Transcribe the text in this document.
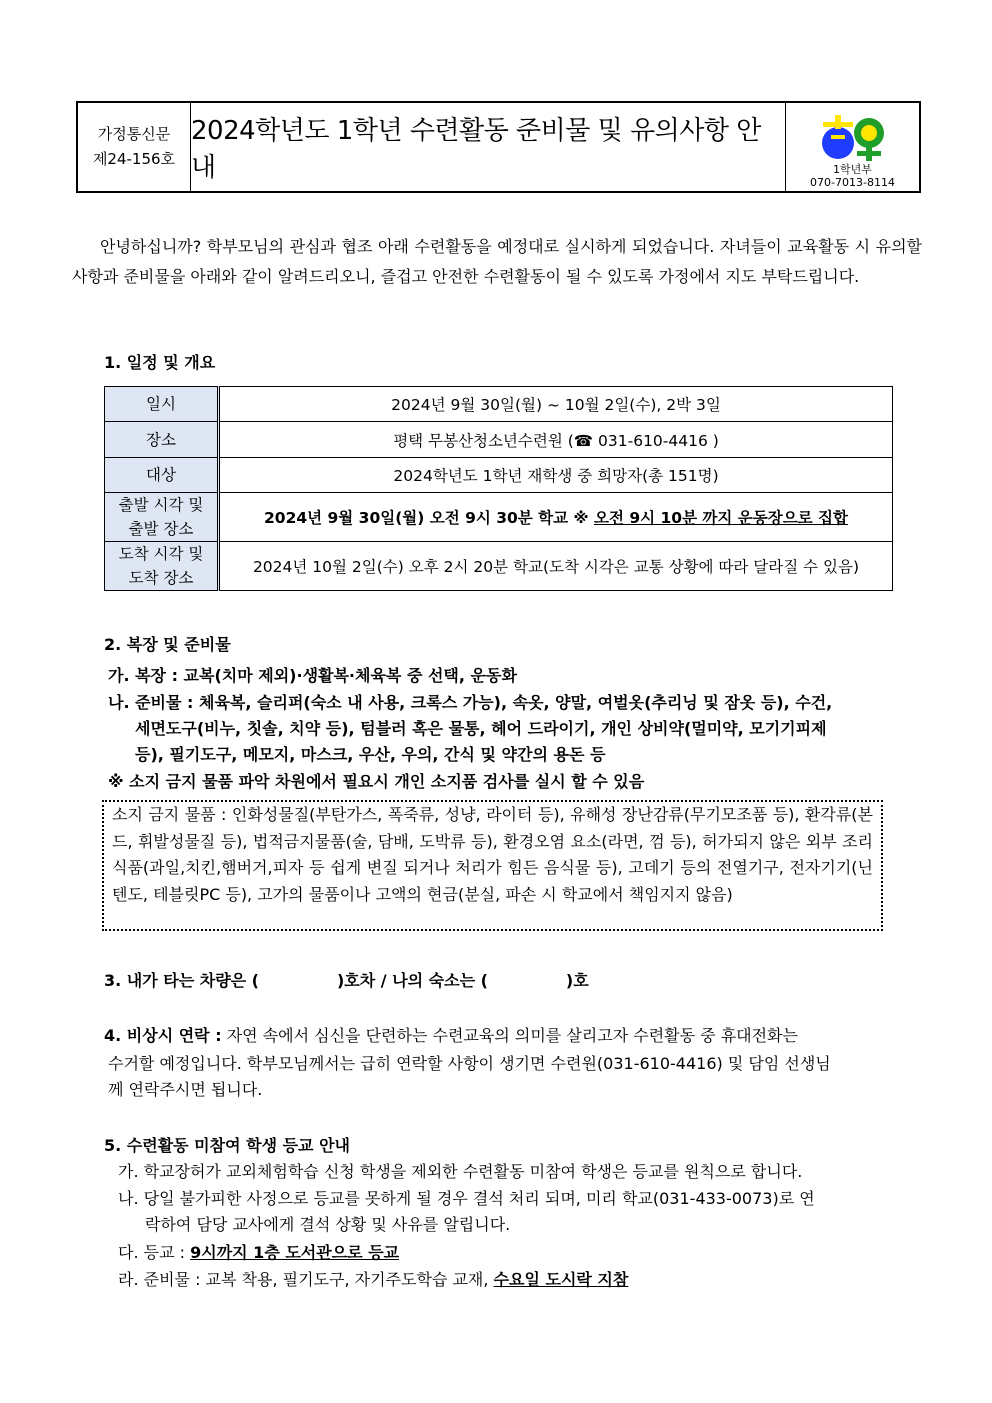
가정통신문
제24-156호
2024학년도 1학년 수련활동 준비물 및 유의사항 안내	1학년부
070-7013-8114
안녕하십니까? 학부모님의 관심과 협조 아래 수련활동을 예정대로 실시하게 되었습니다. 자녀들이 교육활동 시 유의할 사항과 준비물을 아래와 같이 알려드리오니, 즐겁고 안전한 수련활동이 될 수 있도록 가정에서 지도 부탁드립니다.
1. 일정 및 개요
일시	2024년 9월 30일(월) ~ 10월 2일(수), 2박 3일
장소	평택 무봉산청소년수련원 (☎ 031-610-4416 )
대상	2024학년도 1학년 재학생 중 희망자(총 151명)

출발 시각 및
출발 장소	2024년 9월 30일(월) 오전 9시 30분 학교 ※ 오전 9시 10분 까지 운동장으로 집합

도착 시각 및
도착 장소	2024년 10월 2일(수) 오후 2시 20분 학교(도착 시각은 교통 상황에 따라 달라질 수 있음)
2. 복장 및 준비물
가. 복장 : 교복(치마 제외)·생활복·체육복 중 선택, 운동화
나. 준비물 : 체육복, 슬리퍼(숙소 내 사용, 크록스 가능), 속옷, 양말, 여벌옷(추리닝 및 잠옷 등), 수건,
세면도구(비누, 칫솔, 치약 등), 텀블러 혹은 물통, 헤어 드라이기, 개인 상비약(멀미약, 모기기피제
등), 필기도구, 메모지, 마스크, 우산, 우의, 간식 및 약간의 용돈 등
※ 소지 금지 물품 파악 차원에서 필요시 개인 소지품 검사를 실시 할 수 있음
소지 금지 물품 : 인화성물질(부탄가스, 폭죽류, 성냥, 라이터 등), 유해성 장난감류(무기모조품 등), 환각류(본드, 휘발성물질 등), 법적금지물품(술, 담배, 도박류 등), 환경오염 요소(라면, 껌 등), 허가되지 않은 외부 조리식품(과일,치킨,햄버거,피자 등 쉽게 변질 되거나 처리가 힘든 음식물 등), 고데기 등의 전열기구, 전자기기(닌텐도, 테블릿PC 등), 고가의 물품이나 고액의 현금(분실, 파손 시 학교에서 책임지지 않음)
3. 내가 타는 차량은 (              )호차 / 나의 숙소는 (              )호
4. 비상시 연락 : 자연 속에서 심신을 단련하는 수련교육의 의미를 살리고자 수련활동 중 휴대전화는
수거할 예정입니다. 학부모님께서는 급히 연락할 사항이 생기면 수련원(031-610-4416) 및 담임 선생님
께 연락주시면 됩니다.
5. 수련활동 미참여 학생 등교 안내
가. 학교장허가 교외체험학습 신청 학생을 제외한 수련활동 미참여 학생은 등교를 원칙으로 합니다.
나. 당일 불가피한 사정으로 등교를 못하게 될 경우 결석 처리 되며, 미리 학교(031-433-0073)로 연
락하여 담당 교사에게 결석 상황 및 사유를 알립니다.
다. 등교 : 9시까지 1층 도서관으로 등교
라. 준비물 : 교복 착용, 필기도구, 자기주도학습 교재, 수요일 도시락 지참
